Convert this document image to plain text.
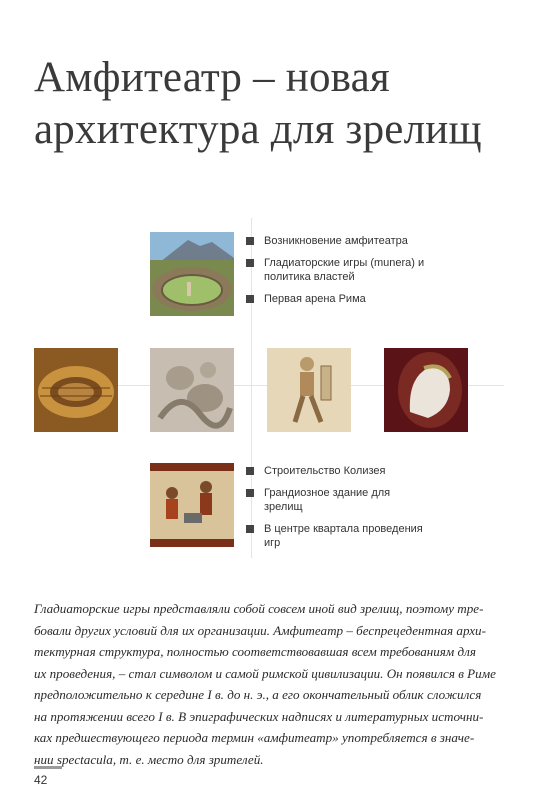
Амфитеатр – новая
архитектура для зрелищ
Возникновение амфитеатра
Гладиаторские игры (munera) и политика властей
Первая арена Рима
Строительство Колизея
Грандиозное здание для зрелищ
В центре квартала проведения игр
Гладиаторские игры представляли собой совсем иной вид зрелищ, поэтому тре-
бовали других условий для их организации. Амфитеатр – беспрецедентная архи-
тектурная структура, полностью соответствовавшая всем требованиям для
их проведения, – стал символом и самой римской цивилизации. Он появился в Риме
предположительно к середине I в. до н. э., а его окончательный облик сложился
на протяжении всего I в. В эпиграфических надписях и литературных источни-
ках предшествующего периода термин «амфитеатр» употребляется в значе-
нии spectacula, т. е. место для зрителей.
42
